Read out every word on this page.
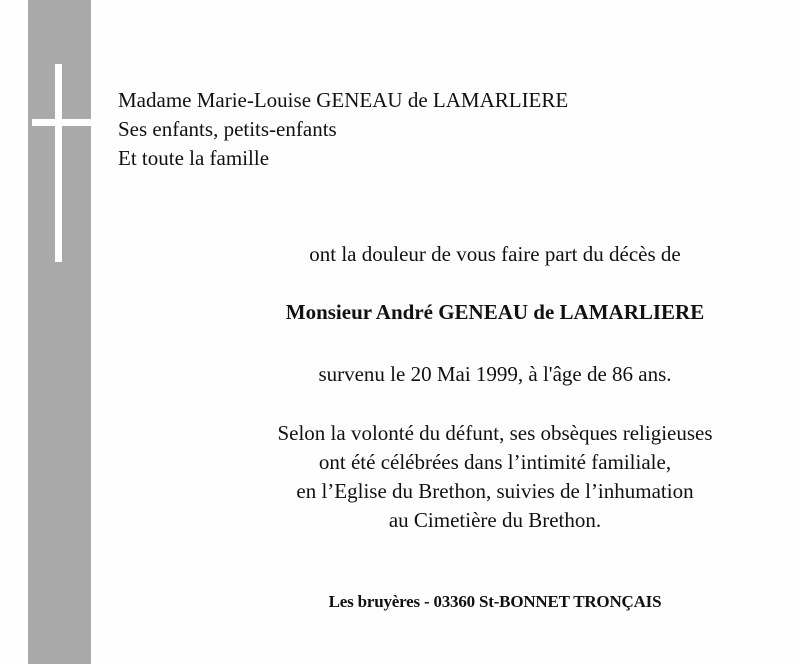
Madame Marie-Louise GENEAU de LAMARLIERE
Ses enfants, petits-enfants
Et toute la famille
ont la douleur de vous faire part du décès de
Monsieur André GENEAU de LAMARLIERE
survenu le 20 Mai 1999, à l'âge de 86 ans.
Selon la volonté du défunt, ses obsèques religieuses
ont été célébrées dans l’intimité familiale,
en l’Eglise du Brethon, suivies de l’inhumation
au Cimetière du Brethon.
Les bruyères - 03360 St-BONNET TRONÇAIS
